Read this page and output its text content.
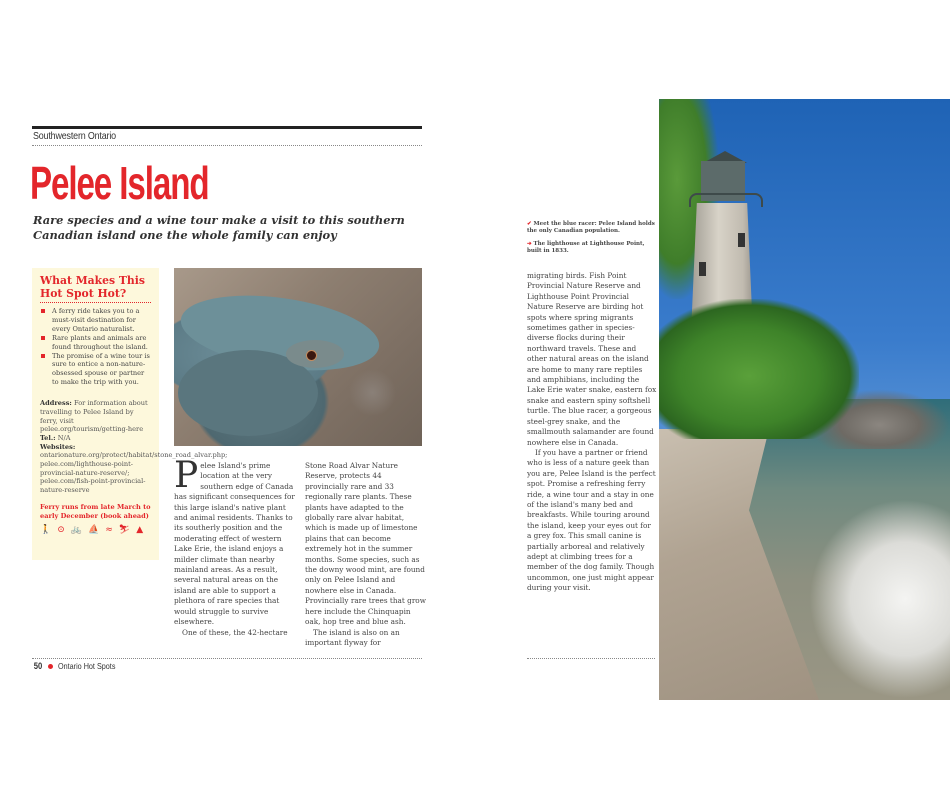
Southwestern Ontario
Pelee Island
Rare species and a wine tour make a visit to this southern
Canadian island one the whole family can enjoy
What Makes This
Hot Spot Hot?
A ferry ride takes you to a must-visit destination for every Ontario naturalist.
Rare plants and animals are found throughout the island.
The promise of a wine tour is sure to entice a non-nature-obsessed spouse or partner to make the trip with you.
Address: For information about travelling to Pelee Island by ferry, visit pelee.org/tourism/getting-here
Tel.: N/A
Websites: ontarionature.org/protect/habitat/stone_road_alvar.php; pelee.com/lighthouse-point-provincial-nature-reserve/; pelee.com/fish-point-provincial-nature-reserve
Ferry runs from late March to early December (book ahead)
🚶 ⊙ 🚲 ⛵ ≈ ⛷ ▲

Pelee Island's prime location at the very southern edge of Canada has significant consequences for this large island's native plant and animal residents. Thanks to its southerly position and the moderating effect of western Lake Erie, the island enjoys a milder climate than nearby mainland areas. As a result, several natural areas on the island are able to support a plethora of rare species that would struggle to survive elsewhere.

One of these, the 42-hectare

Stone Road Alvar Nature Reserve, protects 44 provincially rare and 33 regionally rare plants. These plants have adapted to the globally rare alvar habitat, which is made up of limestone plains that can become extremely hot in the summer months. Some species, such as the downy wood mint, are found only on Pelee Island and nowhere else in Canada. Provincially rare trees that grow here include the Chinquapin oak, hop tree and blue ash.

The island is also on an important flyway for

✔ Meet the blue racer: Pelee Island holds the only Canadian population.

➔ The lighthouse at Lighthouse Point, built in 1833.

migrating birds. Fish Point Provincial Nature Reserve and Lighthouse Point Provincial Nature Reserve are birding hot spots where spring migrants sometimes gather in species-diverse flocks during their northward travels. These and other natural areas on the island are home to many rare reptiles and amphibians, including the Lake Erie water snake, eastern fox snake and eastern spiny softshell turtle. The blue racer, a gorgeous steel-grey snake, and the smallmouth salamander are found nowhere else in Canada.

If you have a partner or friend who is less of a nature geek than you are, Pelee Island is the perfect spot. Promise a refreshing ferry ride, a wine tour and a stay in one of the island's many bed and breakfasts. While touring around the island, keep your eyes out for a grey fox. This small canine is partially arboreal and relatively adept at climbing trees for a member of the dog family. Though uncommon, one just might appear during your visit.

50 Ontario Hot Spots
